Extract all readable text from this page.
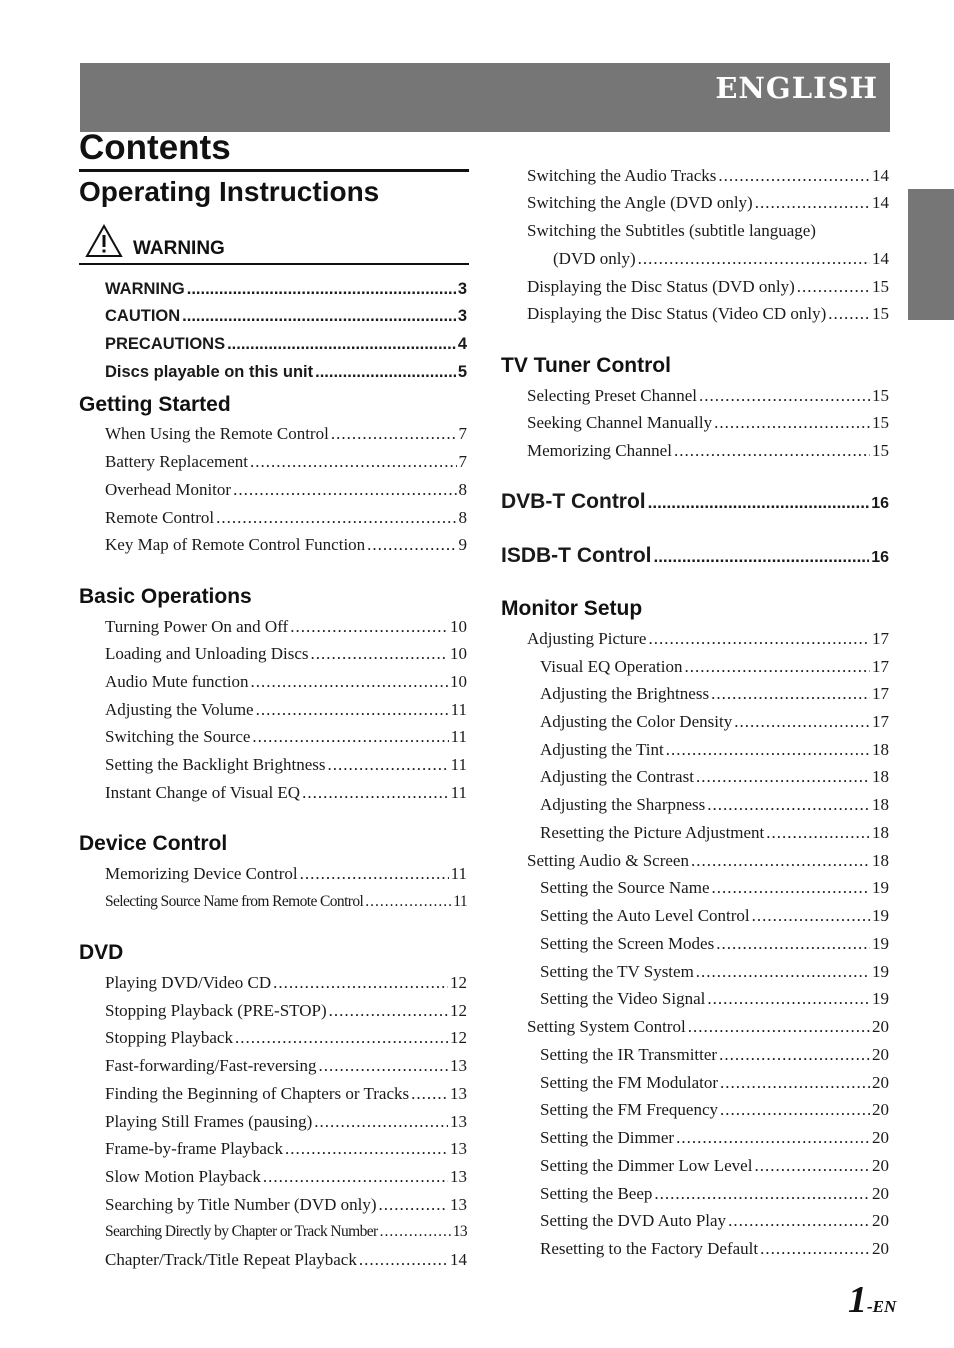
ENGLISH
Contents
Operating Instructions
WARNING
WARNING .....	3
CAUTION .....	3
PRECAUTIONS .....	4
Discs playable on this unit .....	5
Getting Started
When Using the Remote Control .....	7
Battery Replacement .....	7
Overhead Monitor .....	8
Remote Control .....	8
Key Map of Remote Control Function .....	9
Basic Operations
Turning Power On and Off .....	10
Loading and Unloading Discs .....	10
Audio Mute function .....	10
Adjusting the Volume .....	11
Switching the Source .....	11
Setting the Backlight Brightness .....	11
Instant Change of Visual EQ .....	11
Device Control
Memorizing Device Control .....	11
Selecting Source Name from Remote Control .....	11
DVD
Playing DVD/Video CD .....	12
Stopping Playback (PRE-STOP) .....	12
Stopping Playback .....	12
Fast-forwarding/Fast-reversing .....	13
Finding the Beginning of Chapters or Tracks ..... 13
Playing Still Frames (pausing) .....	13
Frame-by-frame Playback .....	13
Slow Motion Playback .....	13
Searching by Title Number (DVD only) .....	13
Searching Directly by Chapter or Track Number .....	13
Chapter/Track/Title Repeat Playback .....	14
Switching the Audio Tracks .....	14
Switching the Angle (DVD only) .....	14
Switching the Subtitles (subtitle language)
(DVD only) .....	14
Displaying the Disc Status (DVD only) .....	15
Displaying the Disc Status (Video CD only) .....	15
TV Tuner Control
Selecting Preset Channel .....	15
Seeking Channel Manually .....	15
Memorizing Channel .....	15
DVB-T Control .....	16
ISDB-T Control .....	16
Monitor Setup
Adjusting Picture .....	17
Visual EQ Operation .....	17
Adjusting the Brightness .....	17
Adjusting the Color Density .....	17
Adjusting the Tint .....	18
Adjusting the Contrast .....	18
Adjusting the Sharpness .....	18
Resetting the Picture Adjustment .....	18
Setting Audio & Screen .....	18
Setting the Source Name .....	19
Setting the Auto Level Control .....	19
Setting the Screen Modes .....	19
Setting the TV System .....	19
Setting the Video Signal .....	19
Setting System Control .....	20
Setting the IR Transmitter .....	20
Setting the FM Modulator .....	20
Setting the FM Frequency .....	20
Setting the Dimmer .....	20
Setting the Dimmer Low Level .....	20
Setting the Beep .....	20
Setting the DVD Auto Play .....	20
Resetting to the Factory Default .....	20
1-EN
